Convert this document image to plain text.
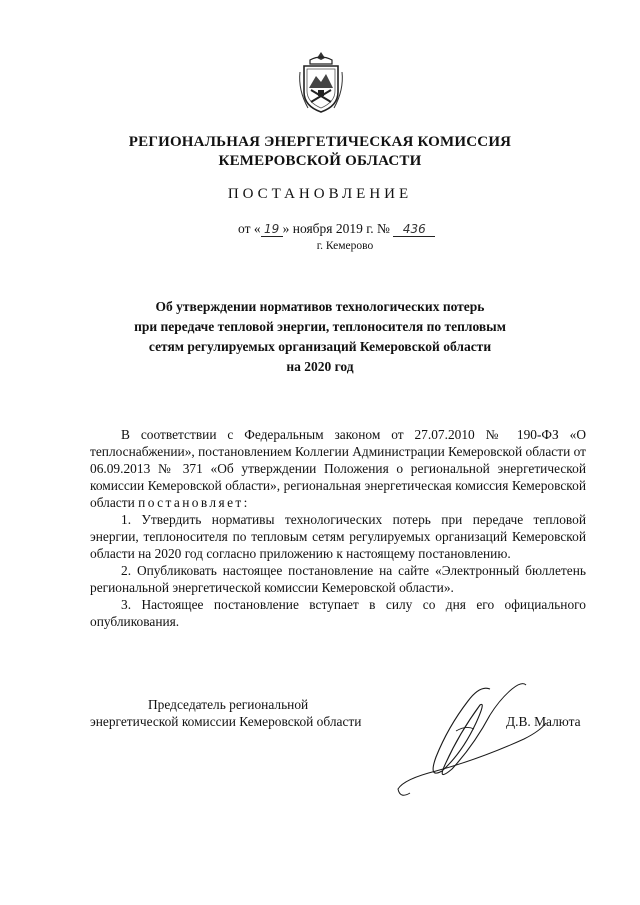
РЕГИОНАЛЬНАЯ ЭНЕРГЕТИЧЕСКАЯ КОМИССИЯ
КЕМЕРОВСКОЙ ОБЛАСТИ
ПОСТАНОВЛЕНИЕ
от « 19 » ноября 2019 г. № 436
г. Кемерово
Об утверждении нормативов технологических потерь
при передаче тепловой энергии, теплоносителя по тепловым
сетям регулируемых организаций Кемеровской области
на 2020 год

В соответствии с Федеральным законом от 27.07.2010 № 190-ФЗ «О теплоснабжении», постановлением Коллегии Администрации Кемеровской области от 06.09.2013 № 371 «Об утверждении Положения о региональной энергетической комиссии Кемеровской области», региональная энергетическая комиссия Кемеровской области постановляет:

1. Утвердить нормативы технологических потерь при передаче тепловой энергии, теплоносителя по тепловым сетям регулируемых организаций Кемеровской области на 2020 год согласно приложению к настоящему постановлению.

2. Опубликовать настоящее постановление на сайте «Электронный бюллетень региональной энергетической комиссии Кемеровской области».

3. Настоящее постановление вступает в силу со дня его официального опубликования.

Председатель региональной
энергетической комиссии Кемеровской области	Д.В. Малюта
